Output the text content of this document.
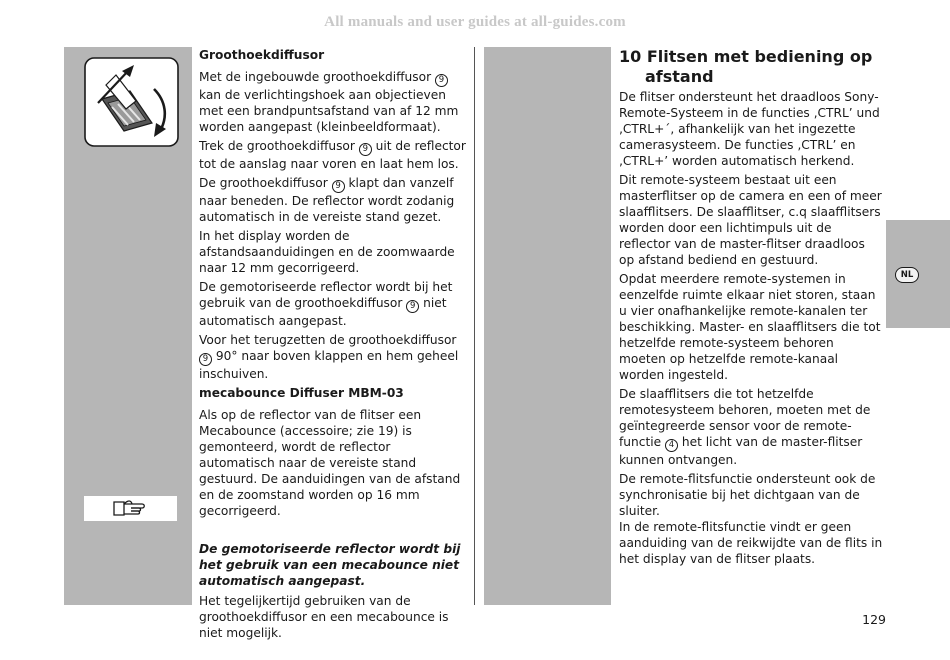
All manuals and user guides at all-guides.com
NL
Groothoekdiffusor

Met de ingebouwde groothoekdiffusor 9 kan de verlichtingshoek aan objectieven met een brandpuntsafstand van af 12 mm worden aangepast (kleinbeeldformaat).

Trek de groothoekdiffusor 9 uit de reflector tot de aanslag naar voren en laat hem los.

De groothoekdiffusor 9 klapt dan vanzelf naar beneden. De reflector wordt zodanig automatisch in de vereiste stand gezet.

In het display worden de afstandsaanduidingen en de zoomwaarde naar 12 mm gecorrigeerd.

De gemotoriseerde reflector wordt bij het gebruik van de groothoekdiffusor 9 niet automatisch aangepast.

Voor het terugzetten de groothoekdiffusor 9 90° naar boven klappen en hem geheel inschuiven.

mecabounce Diffuser MBM-03

Als op de reflector van de flitser een Mecabounce (accessoire; zie 19) is gemonteerd, wordt de reflector automatisch naar de vereiste stand gestuurd. De aanduidingen van de afstand en de zoomstand worden op 16 mm gecorrigeerd.

De gemotoriseerde reflector wordt bij het gebruik van een mecabounce niet automatisch aangepast.

Het tegelijkertijd gebruiken van de groothoekdiffusor en een mecabounce is niet mogelijk.

10 Flitsen met bediening op afstand

De flitser ondersteunt het draadloos Sony-Remote-Systeem in de functies ‚CTRL’ und ‚CTRL+´, afhankelijk van het ingezette camerasysteem. De functies ‚CTRL’ en ‚CTRL+’ worden automatisch herkend.

Dit remote-systeem bestaat uit een masterflitser op de camera en een of meer slaafflitsers. De slaafflitser, c.q slaafflitsers worden door een lichtimpuls uit de reflector van de master-flitser draadloos op afstand bediend en gestuurd.

Opdat meerdere remote-systemen in eenzelfde ruimte elkaar niet storen, staan u vier onafhankelijke remote-kanalen ter beschikking. Master- en slaafflitsers die tot hetzelfde remote-systeem behoren moeten op hetzelfde remote-kanaal worden ingesteld.

De slaafflitsers die tot hetzelfde remotesysteem behoren, moeten met de geïntegreerde sensor voor de remote-functie 4 het licht van de master-flitser kunnen ontvangen.

De remote-flitsfunctie ondersteunt ook de synchronisatie bij het dichtgaan van de sluiter.

In de remote-flitsfunctie vindt er geen aanduiding van de reikwijdte van de flits in het display van de flitser plaats.

129
